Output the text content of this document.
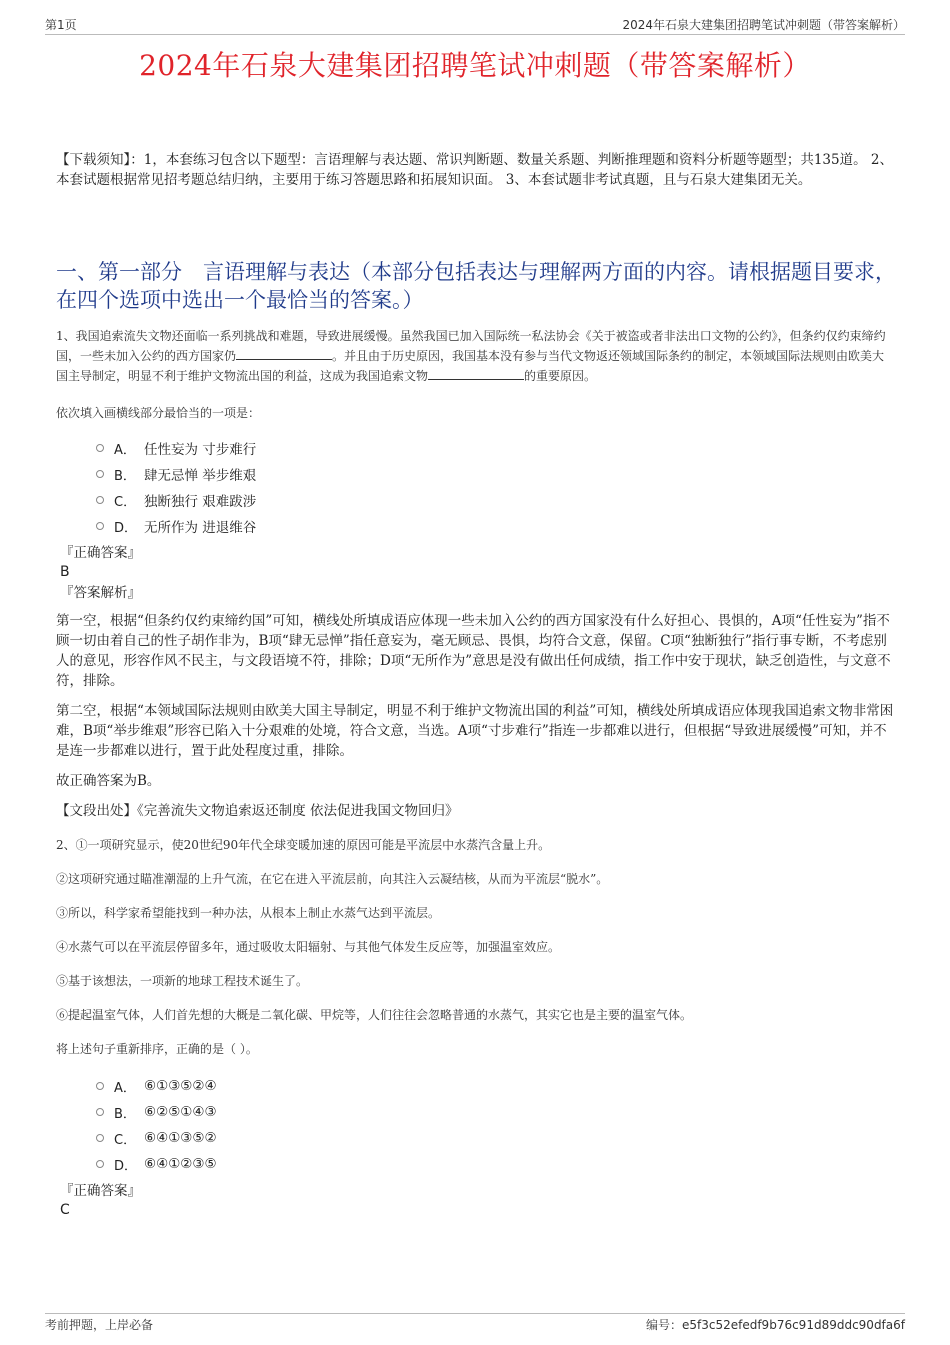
第1页	2024年石泉大建集团招聘笔试冲刺题（带答案解析）
2024年石泉大建集团招聘笔试冲刺题（带答案解析）
【下载须知】：1，本套练习包含以下题型：言语理解与表达题、常识判断题、数量关系题、判断推理题和资料分析题等题型；共135道。 2、本套试题根据常见招考题总结归纳，主要用于练习答题思路和拓展知识面。 3、本套试题非考试真题，且与石泉大建集团无关。
一、第一部分　言语理解与表达（本部分包括表达与理解两方面的内容。请根据题目要求，在四个选项中选出一个最恰当的答案。）
1、我国追索流失文物还面临一系列挑战和难题，导致进展缓慢。虽然我国已加入国际统一私法协会《关于被盗或者非法出口文物的公约》，但条约仅约束缔约国，一些未加入公约的西方国家仍	。并且由于历史原因，我国基本没有参与当代文物返还领域国际条约的制定，本领域国际法规则由欧美大国主导制定，明显不利于维护文物流出国的利益，这成为我国追索文物	的重要原因。
依次填入画横线部分最恰当的一项是：
A． 任性妄为 寸步难行
B． 肆无忌惮 举步维艰
C． 独断独行 艰难跋涉
D． 无所作为 进退维谷
『正确答案』
B
『答案解析』
第一空，根据“但条约仅约束缔约国”可知，横线处所填成语应体现一些未加入公约的西方国家没有什么好担心、畏惧的，A项“任性妄为”指不顾一切由着自己的性子胡作非为，B项“肆无忌惮”指任意妄为，毫无顾忌、畏惧，均符合文意，保留。C项“独断独行”指行事专断，不考虑别人的意见，形容作风不民主，与文段语境不符，排除；D项“无所作为”意思是没有做出任何成绩，指工作中安于现状，缺乏创造性，与文意不符，排除。
第二空，根据“本领域国际法规则由欧美大国主导制定，明显不利于维护文物流出国的利益”可知，横线处所填成语应体现我国追索文物非常困难，B项“举步维艰”形容已陷入十分艰难的处境，符合文意，当选。A项“寸步难行”指连一步都难以进行，但根据“导致进展缓慢”可知，并不是连一步都难以进行，置于此处程度过重，排除。
故正确答案为B。
【文段出处】《完善流失文物追索返还制度 依法促进我国文物回归》
2、①一项研究显示，使20世纪90年代全球变暖加速的原因可能是平流层中水蒸汽含量上升。
②这项研究通过瞄准潮湿的上升气流，在它在进入平流层前，向其注入云凝结核，从而为平流层“脱水”。
③所以，科学家希望能找到一种办法，从根本上制止水蒸气达到平流层。
④水蒸气可以在平流层停留多年，通过吸收太阳辐射、与其他气体发生反应等，加强温室效应。
⑤基于该想法，一项新的地球工程技术诞生了。
⑥提起温室气体，人们首先想的大概是二氧化碳、甲烷等，人们往往会忽略普通的水蒸气，其实它也是主要的温室气体。
将上述句子重新排序，正确的是（ ）。
A． ⑥①③⑤②④
B． ⑥②⑤①④③
C． ⑥④①③⑤②
D． ⑥④①②③⑤
『正确答案』
C
考前押题，上岸必备	编号：e5f3c52efedf9b76c91d89ddc90dfa6f
